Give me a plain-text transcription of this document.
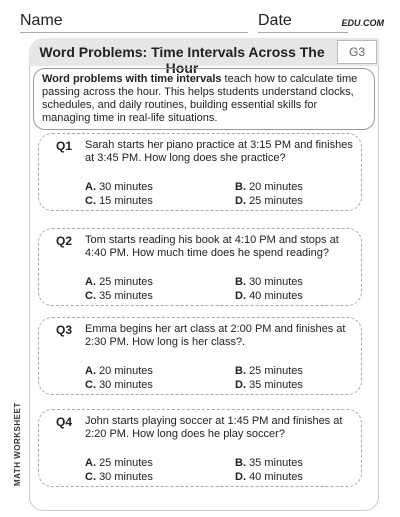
Name	Date	EDU.COM
MATH WORKSHEET
Word Problems: Time Intervals Across The Hour
G3
Word problems with time intervals teach how to calculate time passing across the hour. This helps students understand clocks, schedules, and daily routines, building essential skills for managing time in real-life situations.
Q1 Sarah starts her piano practice at 3:15 PM and finishes at 3:45 PM. How long does she practice?
A. 30 minutes	B. 20 minutes
C. 15 minutes	D. 25 minutes
Q2 Tom starts reading his book at 4:10 PM and stops at 4:40 PM. How much time does he spend reading?
A. 25 minutes	B. 30 minutes
C. 35 minutes	D. 40 minutes
Q3 Emma begins her art class at 2:00 PM and finishes at 2:30 PM. How long is her class?.
A. 20 minutes	B. 25 minutes
C. 30 minutes	D. 35 minutes
Q4 John starts playing soccer at 1:45 PM and finishes at 2:20 PM. How long does he play soccer?
A. 25 minutes	B. 35 minutes
C. 30 minutes	D. 40 minutes
